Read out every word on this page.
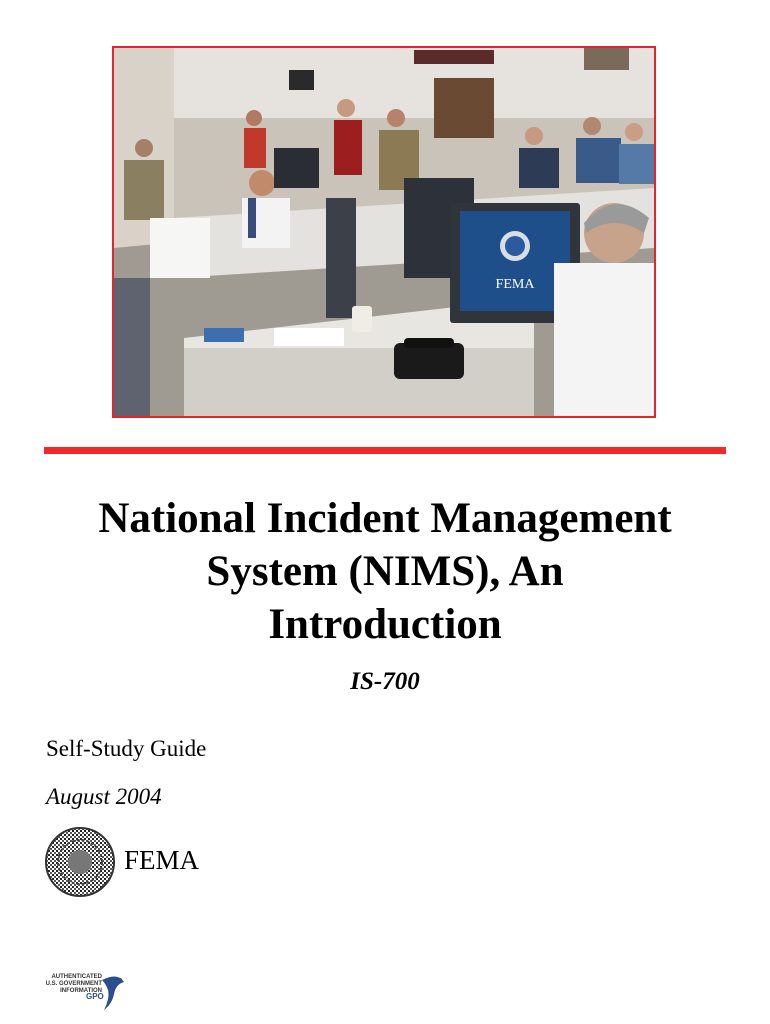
FEMA
National Incident Management
System (NIMS), An
Introduction
IS-700
Self-Study Guide
August 2004
FEMA
AUTHENTICATED
U.S. GOVERNMENT
INFORMATION
GPO
